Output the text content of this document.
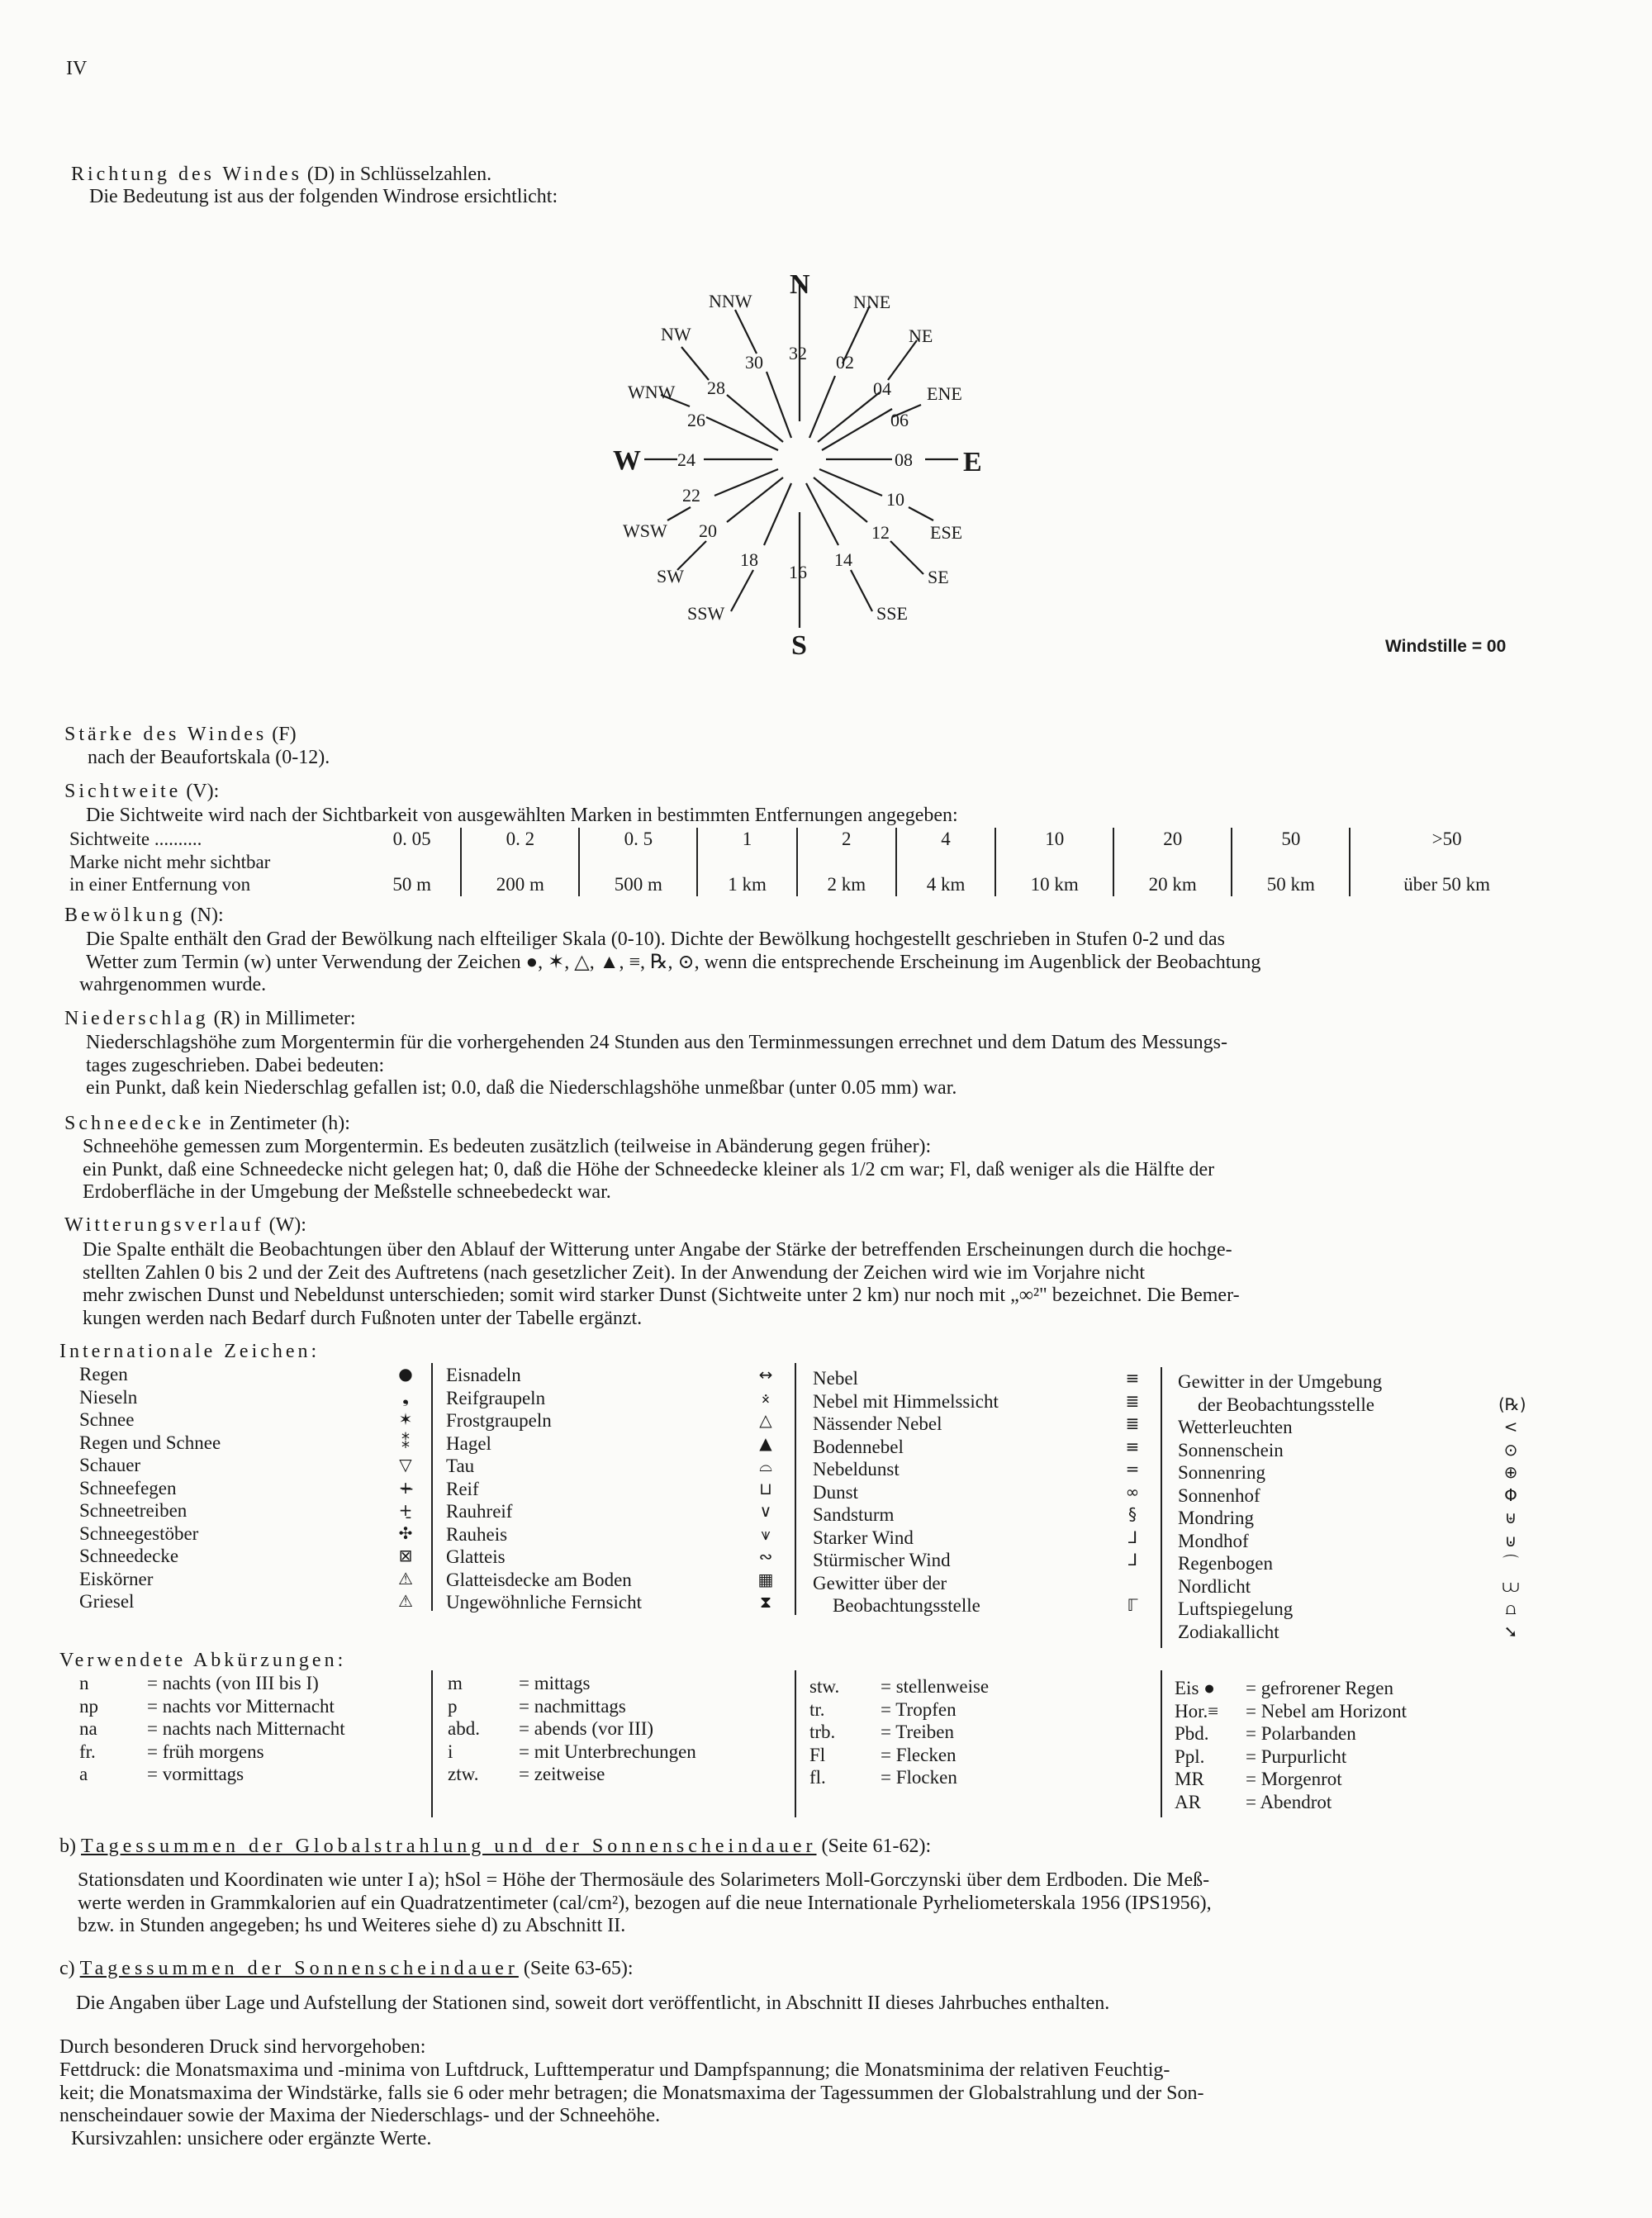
IV
Richtung des Windes (D) in Schlüsselzahlen.
Die Bedeutung ist aus der folgenden Windrose ersichtlicht:
N
S
W	E
32 02
04
06
08
10
12
14
16
18
20
22
24
26
28
30
NNE
NE
ENE
ESE
SE
SSE
SSW
SW
WSW
WNW
NW
NNW
Windstille = 00
Stärke des Windes (F)
nach der Beaufortskala (0-12).
Sichtweite (V):
Die Sichtweite wird nach der Sichtbarkeit von ausgewählten Marken in bestimmten Entfernungen angegeben:
Sichtweite ..........	0. 05	0. 2	0. 5	1	2	4	10	20	50	>50
Marke nicht mehr sichtbar										
in einer Entfernung von	50 m	200 m	500 m	1 km	2 km	4 km	10 km	20 km	50 km	über 50 km
Bewölkung (N):
Die Spalte enthält den Grad der Bewölkung nach elfteiliger Skala (0-10). Dichte der Bewölkung hochgestellt geschrieben in Stufen 0-2 und das
Wetter zum Termin (w) unter Verwendung der Zeichen ●, ✶, △, ▲, ≡, ℞, ⊙, wenn die entsprechende Erscheinung im Augenblick der Beobachtung
wahrgenommen wurde.
Niederschlag (R) in Millimeter:
Niederschlagshöhe zum Morgentermin für die vorhergehenden 24 Stunden aus den Terminmessungen errechnet und dem Datum des Messungs-
tages zugeschrieben. Dabei bedeuten:
ein Punkt, daß kein Niederschlag gefallen ist; 0.0, daß die Niederschlagshöhe unmeßbar (unter 0.05 mm) war.
Schneedecke in Zentimeter (h):
Schneehöhe gemessen zum Morgentermin. Es bedeuten zusätzlich (teilweise in Abänderung gegen früher):
ein Punkt, daß eine Schneedecke nicht gelegen hat; 0, daß die Höhe der Schneedecke kleiner als 1/2 cm war; Fl, daß weniger als die Hälfte der
Erdoberfläche in der Umgebung der Meßstelle schneebedeckt war.
Witterungsverlauf (W):
Die Spalte enthält die Beobachtungen über den Ablauf der Witterung unter Angabe der Stärke der betreffenden Erscheinungen durch die hochge-
stellten Zahlen 0 bis 2 und der Zeit des Auftretens (nach gesetzlicher Zeit). In der Anwendung der Zeichen wird wie im Vorjahre nicht
mehr zwischen Dunst und Nebeldunst unterschieden; somit wird starker Dunst (Sichtweite unter 2 km) nur noch mit „∞²" bezeichnet. Die Bemer-
kungen werden nach Bedarf durch Fußnoten unter der Tabelle ergänzt.
Internationale Zeichen:
Regen	●
Nieseln	❟
Schnee	✶
Regen und Schnee	⁑
Schauer	▽
Schneefegen	+̶
Schneetreiben	+̱
Schneegestöber	✣
Schneedecke	⊠
Eiskörner	⚠
Griesel	⚠
Eisnadeln	↔
Reifgraupeln	⨰
Frostgraupeln	△
Hagel	▲
Tau	⌓
Reif	⊔
Rauhreif	∨
Rauheis	⩛
Glatteis	∾
Glatteisdecke am Boden	▦
Ungewöhnliche Fernsicht	⧗
Nebel	≡
Nebel mit Himmelssicht	≣
Nässender Nebel	≣
Bodennebel	≡
Nebeldunst	=
Dunst	∞
Sandsturm	§
Starker Wind	ᒧ
Stürmischer Wind	ᒧ
Gewitter über der
Beobachtungsstelle	ℾ
Gewitter in der Umgebung
der Beobachtungsstelle	(℞)
Wetterleuchten	<
Sonnenschein	⊙
Sonnenring	⊕
Sonnenhof	Φ
Mondring	⊎
Mondhof	⊍
Regenbogen	⌒
Nordlicht	⩊
Luftspiegelung	⩍
Zodiakallicht	➘
Verwendete Abkürzungen:
n	= nachts (von III bis I)
np	= nachts vor Mitternacht
na	= nachts nach Mitternacht
fr.	= früh morgens
a	= vormittags
m	= mittags
p	= nachmittags
abd. = abends (vor III)
i	= mit Unterbrechungen
ztw. = zeitweise
stw. = stellenweise
tr.	= Tropfen
trb. = Treiben
Fl	= Flecken
fl.	= Flocken
Eis ● = gefrorener Regen
Hor.≡ = Nebel am Horizont
Pbd. = Polarbanden
Ppl. = Purpurlicht
MR = Morgenrot
AR = Abendrot
b) Tagessummen der Globalstrahlung und der Sonnenscheindauer (Seite 61-62):
Stationsdaten und Koordinaten wie unter I a); hSol = Höhe der Thermosäule des Solarimeters Moll-Gorczynski über dem Erdboden. Die Meß-
werte werden in Grammkalorien auf ein Quadratzentimeter (cal/cm²), bezogen auf die neue Internationale Pyrheliometerskala 1956 (IPS1956),
bzw. in Stunden angegeben; hs und Weiteres siehe d) zu Abschnitt II.
c) Tagessummen der Sonnenscheindauer (Seite 63-65):
Die Angaben über Lage und Aufstellung der Stationen sind, soweit dort veröffentlicht, in Abschnitt II dieses Jahrbuches enthalten.
Durch besonderen Druck sind hervorgehoben:
Fettdruck: die Monatsmaxima und -minima von Luftdruck, Lufttemperatur und Dampfspannung; die Monatsminima der relativen Feuchtig-
keit; die Monatsmaxima der Windstärke, falls sie 6 oder mehr betragen; die Monatsmaxima der Tagessummen der Globalstrahlung und der Son-
nenscheindauer sowie der Maxima der Niederschlags- und der Schneehöhe.
Kursivzahlen: unsichere oder ergänzte Werte.
